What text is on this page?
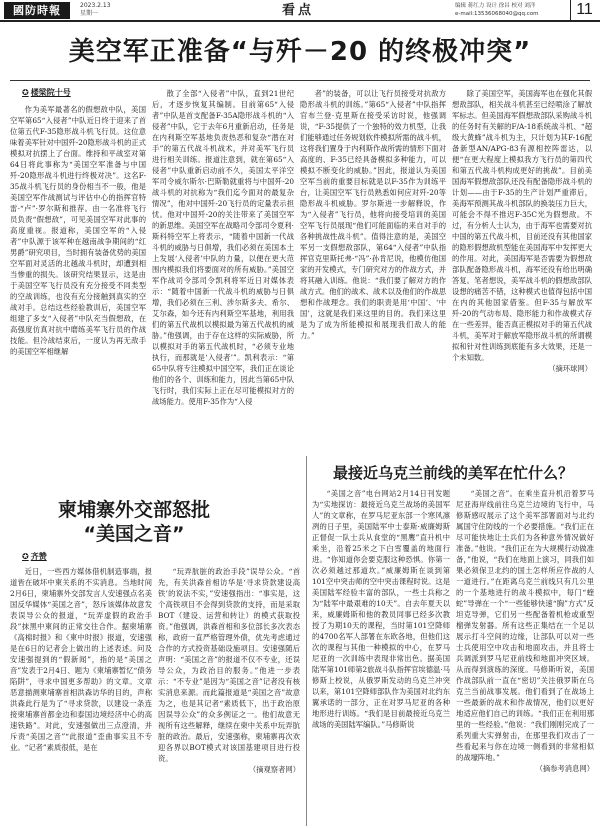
國防時報	2023.2.13
星期一	看点	编辑 蒋红力 设计 徐昌 校对 刘洋
e-mail:13536068040@qq.com	11
美空军正准备“与歼－20 的终极冲突”
✪ 楼梁院十号

作为美军最著名的假想敌中队，美国空军第65“入侵者”中队近日终于迎来了首位第五代F-35隐形战斗机飞行员。这位意味着美军针对中国歼-20隐形战斗机的正式模拟对抗摆上了台面。维持和平战室对第64日将此事称为“美国空军准备与中国歼-20隐形战斗机进行终极对决”。这名F-35战斗机飞行员的身份相当不一般，他是美国空军作战测试与评估中心的指挥官特雷·“卢”·罗尔斯和推荐。由一名准将飞行员负责“假想敌”，可见美国空军对此事的高度重视。报道称，美国空军的“入侵者”中队源于该军种在越南战争期间的“红男爵”研究项目，当时拥有装备优势的美国空军面对灵活的北越战斗机时，却遭到相当惨重的损失。该研究结果显示，这是由于美国空军飞行员没有充分接受不同类型的空战训练，也没有充分接触到真实的空战对手。总结这些经验教训后，美国空军组建了多支“入侵者”中队充当假想敌，在高强度仿真对抗中磨练美军飞行员的作战技能。但冷战结束后，一度认为再无敌手的美国空军相继解

散了全部“入侵者”中队，直到21世纪后，才逐步恢复其编制。目前第65“入侵者”中队是首支配备F-35A隐形战斗机的“入侵者”中队，它于去年6月重新启动，任务是在内利斯空军基地负责热恶和复杂“潜在对手”的第五代战斗机战术，并对美军飞行员进行相关训练。报道注意到，就在第65“入侵者”中队重新启动前不久，美国太平洋空军司令威尔斯尔·巴斯勒就重将与中国歼-20战斗机的对抗称为“我们迄今面对的最复杂情况”，他对中国歼-20飞行员的定量表示担忧。他对中国歼-20的关注带来了美国空军的新思维。美国空军在战略司令部司令夏利·斯科特空军上将表示，“随着中国新一代战斗机的威胁与日俱增，我们必须在美国本土上发展‘入侵者’中队的力量，以便在更大范围内模拟我们将要面对的所有威胁。”美国空军作战司令部司令凯利将军近日对媒体表示：“随着中国新一代战斗机的威胁与日俱增，我们必须在三利、涉尔斯多夫、希尔、艾尔森，如今还有内利斯空军基地，利用我们的第五代战机以模拟最为第五代战机的威胁。”他强调，由于存在这样的实际威胁，所以模拟对手的第五代战机时，“必须专业地执行，而那就是‘入侵者’”。凯利表示：“第65中队将专注模拟中国空军，我们正在谈论他们的各个、训练和能力，因此当第65中队飞行时，我们实际上正在尽可能模拟对方的战场能力。使用F-35作为“入侵

者”的装备，可以让飞行员接受对抗敌方隐形战斗机的训练。”第65“入侵者”中队指挥官布兰登·克里斯在接受采访时说，他强调说，“F-35提供了一个独特的效力机型，让我们能够通过任务规划软件模拟所需的战斗机，这将我们置身于内利斯作战所需的情形下面对高度的、F-35已经具备模拟多种能力，可以模拟不断变化的威胁。”因此，报道认为美国空军当前的重要目标就是以F-35作为训练平台，让美国空军飞行员熟悉如何应对歼-20等隐形战斗机威胁。罗尔斯进一步解释说，作为“入侵者”飞行员，他将向接受培训的美国空军飞行员展现“他们可能面临的来自对手的各种挑战性战斗机”。值得注意的是，美国空军另一支假想敌部队，第64“入侵者”中队指挥官克里斯托弗·“冯”·孙肯尼说，他模仿他国家的开发模式，专门研究对方的作战方式，并将其融入训练。他说：“我们要了解对方的作战方式。他们的战术、战术以及他们的作战思想和作战理念。我们的职责是用‘中国’、‘中国’，这就是我们来这里的目的。我们来这里是为了成为所能模拟和展现我们敌人的能力。”

除了美国空军，美国海军也在强化其假想敌部队，相关战斗机甚至已经喷涂了解放军标志。但美国海军假想敌部队采购战斗机的任务时有关解的F/A-18系统战斗机、“超级大黄蜂”战斗机为主，只计划为其F-16配备新型AN/APG-83有源相控阵雷达，以便“在更大程度上模拟我方飞行员的第四代和第五代战斗机构成更好的挑战”。目前美国海军假想敌部队还没有配备隐形战斗机的计划——由于F-35的生产计划严重滞后，美海军预测其战斗机部队的换装压力巨大，可能会不得不推迟F-35C光为假想敌。不过，有分析人士认为，由于海军也需要对抗中国的第五代战斗机，目前还没有其他国家的隐形假想敌机型能在美国海军中发挥更大的作用。对此，美国海军是否需要为假想敌部队配备隐形战斗机，海军还没有给出明确答复。笔者想说，美军战斗机的假想敌部队设想的痛苦不错，这种模式也值得包括中国在内的其他国家借鉴。但F-35与解放军歼-20的气动布局、隐形能力和作战模式存在一些差异，能否真正模拟对手的第五代战斗机，美军对于解放军隐形战斗机的所谓模拟和针对性训练到底能有多大效果，还是一个未知数。

（摘环球网）

柬埔寨外交部怒批
“美国之音”
✪ 齐赞

近日，一些西方媒体借机制造事端，报道皆在破坏中柬关系的不实消息。当地时间2月6日，柬埔寨外交部发言人安速强点名美国反华媒体“美国之音”，怒斥该媒体故意发表误导公众的报道，“玩弄虚假的政治手段”抹黑中柬间的正常交往合作。据柬埔寨《高棉时报》和《柬中时报》报道，安速强是在6日的记者会上做出的上述表述。问及安速强提到的“假新闻”，指的是“美国之音”发表于2月4日、题为《柬埔寨暂忆“债务陷阱”，寻求中国更多帮助》的文章。文章恶意描测柬埔寨首相洪森访华的目的，声称洪森此行是为了“寻求贷款，以建设一条连接柬埔寨首都金边和泰国边境经济中心的高速铁路”。对此，安速强做出三点澄清，并斥责“美国之音”“此报道”歪曲事实且不专业。“记者”素质很低，是在

“玩弄肮脏的政治手段”误导公众。“首先，有关洪森首相访华是‘寻求贷款建设高铁’的说法不实，”安速强指出：“事实是，这个高铁项目不会得到贷款的支持，而是采取BOT（建设、运营和转让）的模式获取投资。”他强调，洪森首相和多位部长多次表态称，政府一直严格管理外债，优先考虑通过合作的方式投资基础设施项目。安速强随后声明：“美国之音”的报道不仅不专业，还误导公众，为政治目的服务。”他进一步表示：“不专业”是因为“美国之音”记者没有核实消息来源。而此篇报道是“美国之音”故意为之，也是其记者“素质低下，出于政治原因误导公众”的众多例证之一。他们故意无视所有这些解释，继续在柬中关系中玩弄肮脏的政治。最后，安速强称，柬埔寨再次欢迎各界以BOT模式对该国基建项目进行投资。

（摘观察者网）

最接近乌克兰前线的美军在忙什么？

“美国之音”电台网站2月14日刊发题为“实地探访：最接近乌克兰战场的美国军人”的文章称，在罗马尼亚东部一个寒风凛冽的日子里，美国陆军中士泰斯·威廉姆斯正督促一队士兵从食堂的“黑鹰”直升机中乘坐，沿着25米之下白雪覆盖的地面行进。“你知道你会要克服这种恐惧。你第一次必须越过那道坎。”威廉姆斯在谈到第101空中突击师的空中突击课程时说。这是美国陆军经验丰富的部队，一些士兵称之为“陆军中最艰难的10天”。自去年夏天以来，威廉姆斯和他的教员同事已经多次教授了为期10天的课程，当时第101空降师的4700名军人部署在东欧各地，但他们这次的课程与其他一种模拟的中心，在罗马尼亚的一次训练中表现非常出色。据美国陆军第101师第2旅战斗队指挥官埃德温·马修斯上校说，从俄罗斯发动的乌克兰冲突以来，第101空降师部队作为美国对北约东翼承诺的一部分，正在对罗马尼亚的各种地形进行训练。“我们是目前最接近乌克兰战场的美国陆军编队。”马修斯说

“美国之音”。在乘坐直升机沿着罗马尼亚海岸线前往乌克兰边境的飞行中，马修斯感叹展示了这个美军部署面对与北约属国守住防线的一个必要措施。“我们正在尽可能快地让士兵们为各种意外情况做好准备。”他说。“我们正在为大规模行动做准备，”他说，“我们在地面上演习，同我们如果必须保卫北约的国土怎样所应作战的人一道进行。”在距离乌克兰前线只有几公里的一个基地进行的战斗模拟中，每门“蝰蛇”导弹在一个“一些能够快速“胸”方式”反坦克导弹，它们另一些配备着机枪或重型榴弹发射器。所有这些正集结在一个足以展示打斗空间的边缘，让部队可以对一些士兵使用空中攻击和地面攻击，并且将士兵调派到罗马尼亚前线和地面冲突区域。从而得到演练的深度。马修斯听说，美国作战部队前一直在“密切”关注俄罗斯在乌克兰当前战事发展。他们看到了在战场上一些最新的战术和作战情况，他们以更好地适应他们自己的训练。“我们正在利用那里的一些经验。”他说：“我们刚刚完成了一系列重大实弹射击，在那里我们攻击了一些看起来与你在边境一侧看到的非常相似的战壕阵地。”

（摘参考消息网）
